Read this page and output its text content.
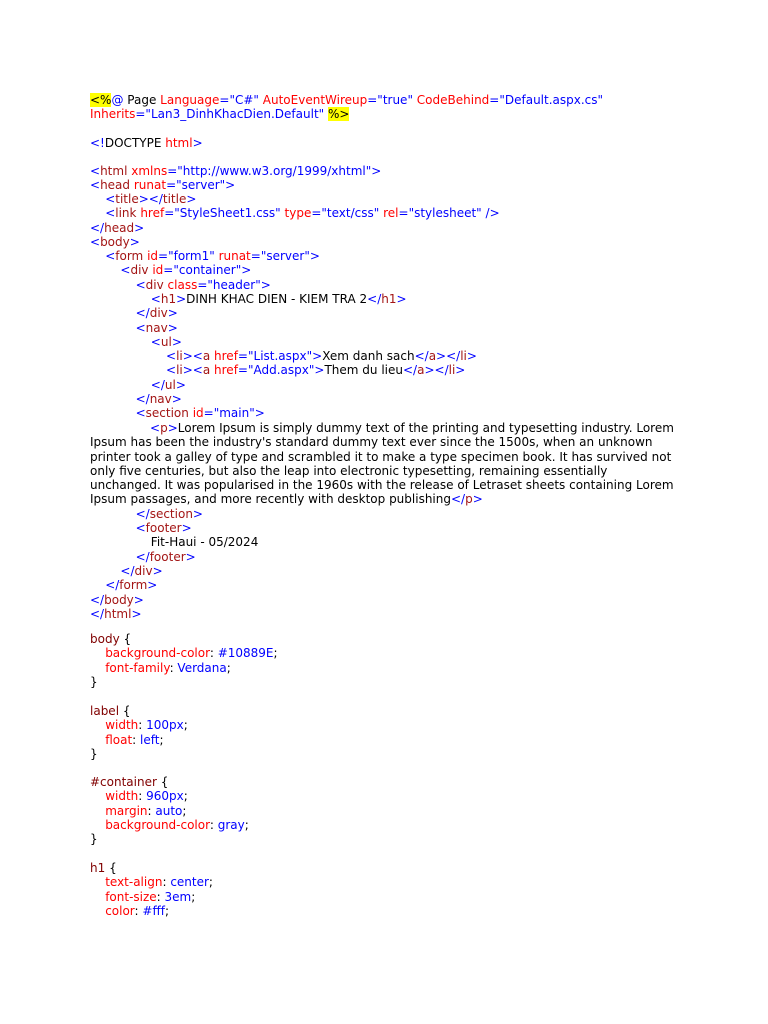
<%@ Page Language="C#" AutoEventWireup="true" CodeBehind="Default.aspx.cs"
Inherits="Lan3_DinhKhacDien.Default" %>
<!DOCTYPE html>
<html xmlns="http://www.w3.org/1999/xhtml">
<head runat="server">
<title></title>
<link href="StyleSheet1.css" type="text/css" rel="stylesheet" />
</head>
<body>
<form id="form1" runat="server">
<div id="container">
<div class="header">
<h1>DINH KHAC DIEN - KIEM TRA 2</h1>
</div>
<nav>
<ul>
<li><a href="List.aspx">Xem danh sach</a></li>
<li><a href="Add.aspx">Them du lieu</a></li>
</ul>
</nav>
<section id="main">
<p>Lorem Ipsum is simply dummy text of the printing and typesetting industry. Lorem Ipsum has been the industry's standard dummy text ever since the 1500s, when an unknown printer took a galley of type and scrambled it to make a type specimen book. It has survived not only five centuries, but also the leap into electronic typesetting, remaining essentially unchanged. It was popularised in the 1960s with the release of Letraset sheets containing Lorem Ipsum passages, and more recently with desktop publishing</p>
</section>
<footer>
Fit-Haui - 05/2024
</footer>
</div>
</form>
</body>
</html>
body {
background-color: #10889E;
font-family: Verdana;
}
label {
width: 100px;
float: left;
}
#container {
width: 960px;
margin: auto;
background-color: gray;
}
h1 {
text-align: center;
font-size: 3em;
color: #fff;
